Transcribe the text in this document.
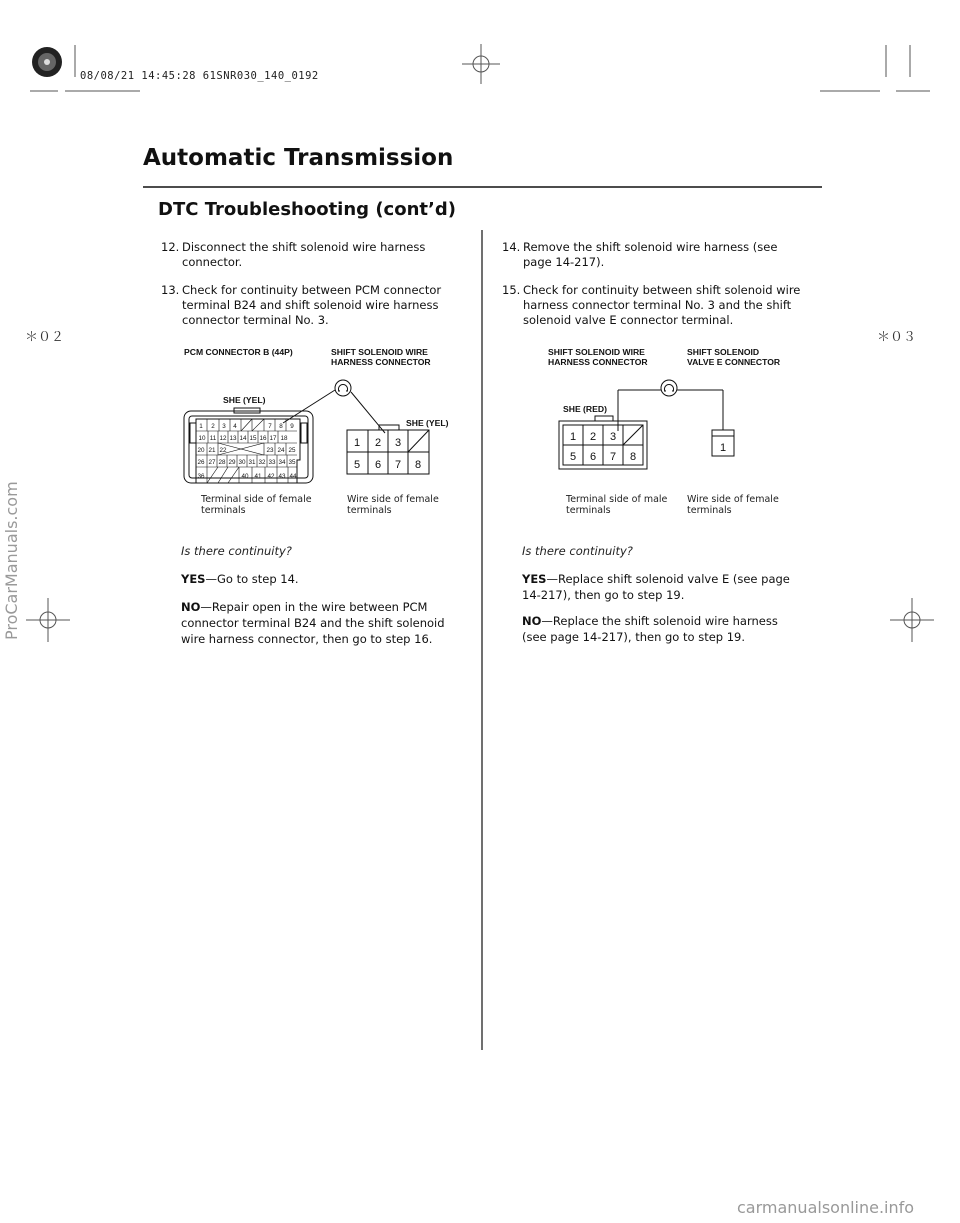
08/08/21 14:45:28 61SNR030_140_0192
Automatic Transmission
DTC Troubleshooting (cont’d)
＊０２	＊０３
12. Disconnect the shift solenoid wire harness connector.
13. Check for continuity between PCM connector terminal B24 and shift solenoid wire harness connector terminal No. 3.
PCM CONNECTOR B (44P)	SHIFT SOLENOID WIRE HARNESS CONNECTOR
SHE (YEL)
SHE (YEL)
1 2 3 4	7 8 9
10 11 12 13 14 15 16 17 18
20 21 22	23 24 25
26 27 28 29 30 31 32 33 34 35
36	40 41 42 43 44
1 2 3
5 6 7 8
Terminal side of female terminals
Wire side of female terminals
Is there continuity?
YES—Go to step 14.
NO—Repair open in the wire between PCM connector terminal B24 and the shift solenoid wire harness connector, then go to step 16.
14. Remove the shift solenoid wire harness (see page 14-217).
15. Check for continuity between shift solenoid wire harness connector terminal No. 3 and the shift solenoid valve E connector terminal.
SHIFT SOLENOID WIRE HARNESS CONNECTOR
SHIFT SOLENOID VALVE E CONNECTOR
SHE (RED)
1 2 3
5 6 7 8
1
Terminal side of male terminals
Wire side of female terminals
Is there continuity?
YES—Replace shift solenoid valve E (see page 14-217), then go to step 19.
NO—Replace the shift solenoid wire harness (see page 14-217), then go to step 19.
ProCarManuals.com
carmanualsonline.info
